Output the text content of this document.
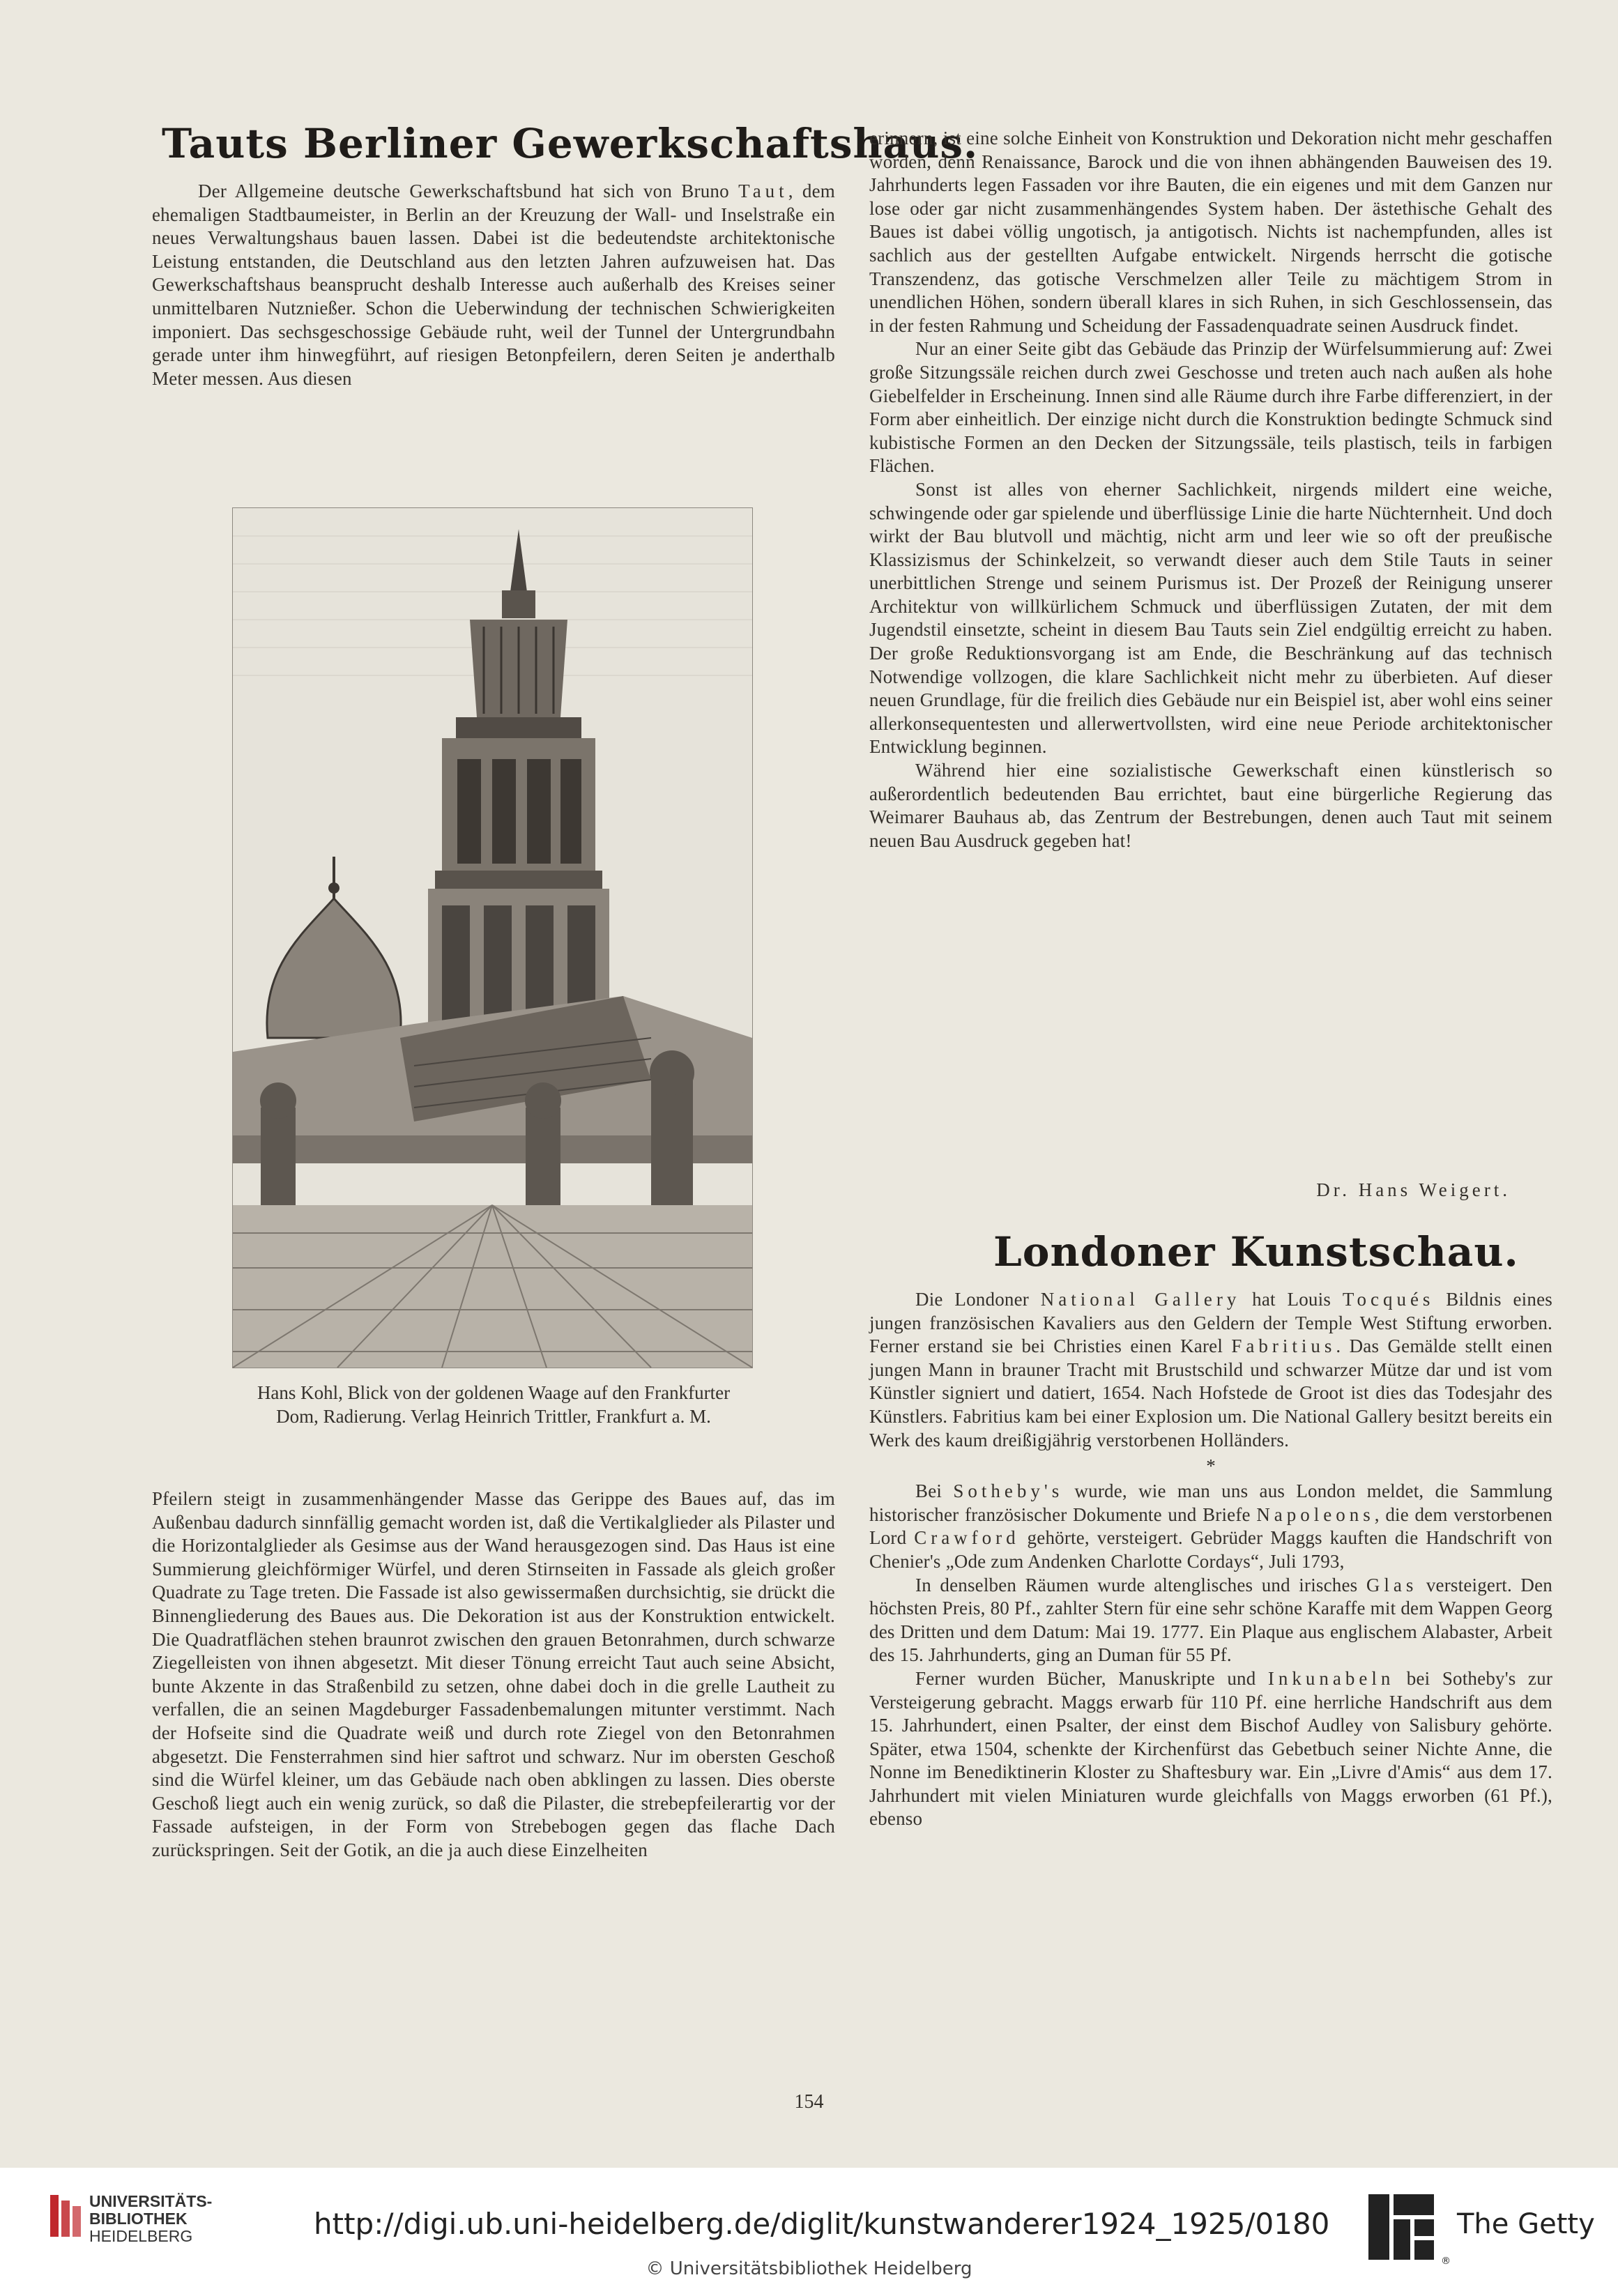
Tauts Berliner Gewerkschaftshaus.

Der Allgemeine deutsche Gewerkschaftsbund hat sich von Bruno Taut, dem ehemaligen Stadtbaumeister, in Berlin an der Kreuzung der Wall- und Inselstraße ein neues Verwaltungshaus bauen lassen. Dabei ist die bedeutendste architektonische Leistung entstanden, die Deutschland aus den letzten Jahren aufzuweisen hat. Das Gewerkschaftshaus beansprucht deshalb Interesse auch außerhalb des Kreises seiner unmittelbaren Nutznießer. Schon die Ueberwindung der technischen Schwierigkeiten imponiert. Das sechsgeschossige Gebäude ruht, weil der Tunnel der Untergrundbahn gerade unter ihm hinwegführt, auf riesigen Betonpfeilern, deren Seiten je anderthalb Meter messen. Aus diesen

Hans Kohl, Blick von der goldenen Waage auf den Frankfurter
Dom, Radierung. Verlag Heinrich Trittler, Frankfurt a. M.

Pfeilern steigt in zusammenhängender Masse das Gerippe des Baues auf, das im Außenbau dadurch sinnfällig gemacht worden ist, daß die Vertikalglieder als Pilaster und die Horizontalglieder als Gesimse aus der Wand herausgezogen sind. Das Haus ist eine Summierung gleichförmiger Würfel, und deren Stirnseiten in Fassade als gleich großer Quadrate zu Tage treten. Die Fassade ist also gewissermaßen durchsichtig, sie drückt die Binnengliederung des Baues aus. Die Dekoration ist aus der Konstruktion entwickelt. Die Quadratflächen stehen braunrot zwischen den grauen Betonrahmen, durch schwarze Ziegelleisten von ihnen abgesetzt. Mit dieser Tönung erreicht Taut auch seine Absicht, bunte Akzente in das Straßenbild zu setzen, ohne dabei doch in die grelle Lautheit zu verfallen, die an seinen Magdeburger Fassadenbemalungen mitunter verstimmt. Nach der Hofseite sind die Quadrate weiß und durch rote Ziegel von den Betonrahmen abgesetzt. Die Fensterrahmen sind hier saftrot und schwarz. Nur im obersten Geschoß sind die Würfel kleiner, um das Gebäude nach oben abklingen zu lassen. Dies oberste Geschoß liegt auch ein wenig zurück, so daß die Pilaster, die strebepfeilerartig vor der Fassade aufsteigen, in der Form von Strebebogen gegen das flache Dach zurückspringen. Seit der Gotik, an die ja auch diese Einzelheiten

erinnern, ist eine solche Einheit von Konstruktion und Dekoration nicht mehr geschaffen worden, denn Renaissance, Barock und die von ihnen abhängenden Bauweisen des 19. Jahrhunderts legen Fassaden vor ihre Bauten, die ein eigenes und mit dem Ganzen nur lose oder gar nicht zusammenhängendes System haben. Der ästethische Gehalt des Baues ist dabei völlig ungotisch, ja antigotisch. Nichts ist nachempfunden, alles ist sachlich aus der gestellten Aufgabe entwickelt. Nirgends herrscht die gotische Transzendenz, das gotische Verschmelzen aller Teile zu mächtigem Strom in unendlichen Höhen, sondern überall klares in sich Ruhen, in sich Geschlossensein, das in der festen Rahmung und Scheidung der Fassadenquadrate seinen Ausdruck findet.

Nur an einer Seite gibt das Gebäude das Prinzip der Würfelsummierung auf: Zwei große Sitzungssäle reichen durch zwei Geschosse und treten auch nach außen als hohe Giebelfelder in Erscheinung. Innen sind alle Räume durch ihre Farbe differenziert, in der Form aber einheitlich. Der einzige nicht durch die Konstruktion bedingte Schmuck sind kubistische Formen an den Decken der Sitzungssäle, teils plastisch, teils in farbigen Flächen.

Sonst ist alles von eherner Sachlichkeit, nirgends mildert eine weiche, schwingende oder gar spielende und überflüssige Linie die harte Nüchternheit. Und doch wirkt der Bau blutvoll und mächtig, nicht arm und leer wie so oft der preußische Klassizismus der Schinkelzeit, so verwandt dieser auch dem Stile Tauts in seiner unerbittlichen Strenge und seinem Purismus ist. Der Prozeß der Reinigung unserer Architektur von willkürlichem Schmuck und überflüssigen Zutaten, der mit dem Jugendstil einsetzte, scheint in diesem Bau Tauts sein Ziel endgültig erreicht zu haben. Der große Reduktionsvorgang ist am Ende, die Beschränkung auf das technisch Notwendige vollzogen, die klare Sachlichkeit nicht mehr zu überbieten. Auf dieser neuen Grundlage, für die freilich dies Gebäude nur ein Beispiel ist, aber wohl eins seiner allerkonsequentesten und allerwertvollsten, wird eine neue Periode architektonischer Entwicklung beginnen.

Während hier eine sozialistische Gewerkschaft einen künstlerisch so außerordentlich bedeutenden Bau errichtet, baut eine bürgerliche Regierung das Weimarer Bauhaus ab, das Zentrum der Bestrebungen, denen auch Taut mit seinem neuen Bau Ausdruck gegeben hat!

Dr. Hans Weigert.
Londoner Kunstschau.

Die Londoner National Gallery hat Louis Tocqués Bildnis eines jungen französischen Kavaliers aus den Geldern der Temple West Stiftung erworben. Ferner erstand sie bei Christies einen Karel Fabritius. Das Gemälde stellt einen jungen Mann in brauner Tracht mit Brustschild und schwarzer Mütze dar und ist vom Künstler signiert und datiert, 1654. Nach Hofstede de Groot ist dies das Todesjahr des Künstlers. Fabritius kam bei einer Explosion um. Die National Gallery besitzt bereits ein Werk des kaum dreißigjährig verstorbenen Holländers.

*

Bei Sotheby's wurde, wie man uns aus London meldet, die Sammlung historischer französischer Dokumente und Briefe Napoleons, die dem verstorbenen Lord Crawford gehörte, versteigert. Gebrüder Maggs kauften die Handschrift von Chenier's „Ode zum Andenken Charlotte Cordays“, Juli 1793,

In denselben Räumen wurde altenglisches und irisches Glas versteigert. Den höchsten Preis, 80 Pf., zahlter Stern für eine sehr schöne Karaffe mit dem Wappen Georg des Dritten und dem Datum: Mai 19. 1777. Ein Plaque aus englischem Alabaster, Arbeit des 15. Jahrhunderts, ging an Duman für 55 Pf.

Ferner wurden Bücher, Manuskripte und Inkunabeln bei Sotheby's zur Versteigerung gebracht. Maggs erwarb für 110 Pf. eine herrliche Handschrift aus dem 15. Jahrhundert, einen Psalter, der einst dem Bischof Audley von Salisbury gehörte. Später, etwa 1504, schenkte der Kirchenfürst das Gebetbuch seiner Nichte Anne, die Nonne im Benediktinerin Kloster zu Shaftesbury war. Ein „Livre d'Amis“ aus dem 17. Jahrhundert mit vielen Miniaturen wurde gleichfalls von Maggs erworben (61 Pf.), ebenso

154
UNIVERSITÄTS-
BIBLIOTHEK
HEIDELBERG	http://digi.ub.uni-heidelberg.de/diglit/kunstwanderer1924_1925/0180
© Universitätsbibliothek Heidelberg	®
The Getty
